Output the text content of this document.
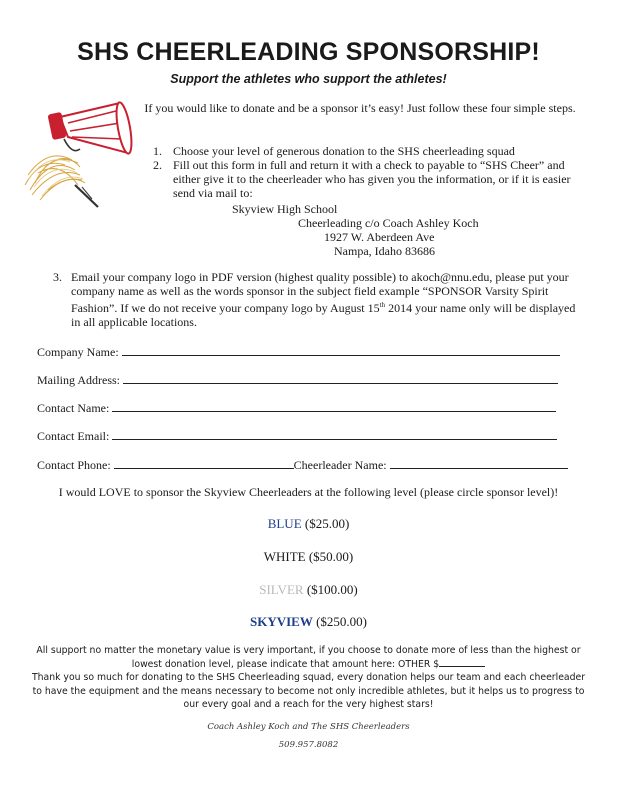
SHS CHEERLEADING SPONSORSHIP!
Support the athletes who support the athletes!
If you would like to donate and be a sponsor it’s easy! Just follow these four simple steps.
1. Choose your level of generous donation to the SHS cheerleading squad
2. Fill out this form in full and return it with a check to payable to “SHS Cheer” and either give it to the cheerleader who has given you the information, or if it is easier send via mail to:
Skyview High School
Cheerleading c/o Coach Ashley Koch
1927 W. Aberdeen Ave
Nampa, Idaho 83686
3. Email your company logo in PDF version (highest quality possible) to akoch@nnu.edu, please put your company name as well as the words sponsor in the subject field example “SPONSOR Varsity Spirit Fashion”. If we do not receive your company logo by August 15th 2014 your name only will be displayed in all applicable locations.
Company Name:
Mailing Address:
Contact Name:
Contact Email:
Contact Phone:	Cheerleader Name:
I would LOVE to sponsor the Skyview Cheerleaders at the following level (please circle sponsor level)!
BLUE ($25.00)
WHITE ($50.00)
SILVER ($100.00)
SKYVIEW ($250.00)
All support no matter the monetary value is very important, if you choose to donate more of less than the highest or lowest donation level, please indicate that amount here: OTHER $
Thank you so much for donating to the SHS Cheerleading squad, every donation helps our team and each cheerleader to have the equipment and the means necessary to become not only incredible athletes, but it helps us to progress to our every goal and a reach for the very highest stars!
Coach Ashley Koch and The SHS Cheerleaders
509.957.8082
